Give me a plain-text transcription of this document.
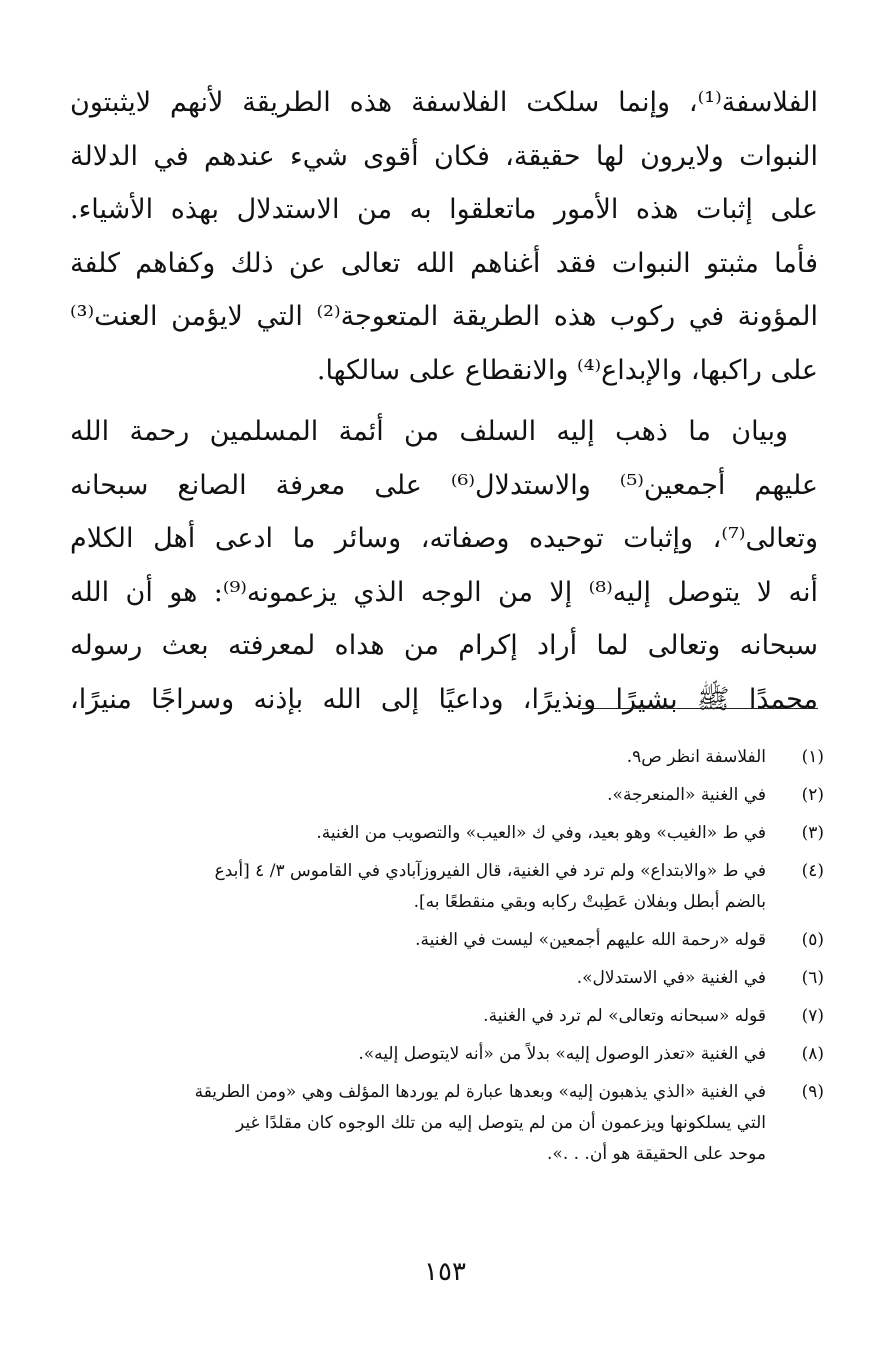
الفلاسفة⁽¹⁾، وإنما سلكت الفلاسفة هذه الطريقة لأنهم لايثبتون
النبوات ولايرون لها حقيقة، فكان أقوى شيء عندهم في الدلالة
على إثبات هذه الأمور ماتعلقوا به من الاستدلال بهذه الأشياء.
فأما مثبتو النبوات فقد أغناهم الله تعالى عن ذلك وكفاهم كلفة
المؤونة في ركوب هذه الطريقة المتعوجة⁽²⁾ التي لايؤمن العنت⁽³⁾
على راكبها، والإبداع⁽⁴⁾ والانقطاع على سالكها.
وبيان ما ذهب إليه السلف من أئمة المسلمين رحمة الله
عليهم أجمعين⁽⁵⁾ والاستدلال⁽⁶⁾ على معرفة الصانع سبحانه
وتعالى⁽⁷⁾، وإثبات توحيده وصفاته، وسائر ما ادعى أهل الكلام
أنه لا يتوصل إليه⁽⁸⁾ إلا من الوجه الذي يزعمونه⁽⁹⁾: هو أن الله
سبحانه وتعالى لما أراد إكرام من هداه لمعرفته بعث رسوله
محمدًا ﷺ بشيرًا ونذيرًا، وداعيًا إلى الله بإذنه وسراجًا منيرًا،
(١)
الفلاسفة انظر ص٩.
(٢)
في الغنية «المنعرجة».
(٣)
في ط «الغيب» وهو بعيد، وفي ك «العيب» والتصويب من الغنية.
(٤)
في ط «والابتداع» ولم ترد في الغنية، قال الفيروزآبادي في القاموس ٣/ ٤ [أبدع
بالضم أبطل وبفلان عَطِبتْ ركابه وبقي منقطعًا به].
(٥)
قوله «رحمة الله عليهم أجمعين» ليست في الغنية.
(٦)
في الغنية «في الاستدلال».
(٧)
قوله «سبحانه وتعالى» لم ترد في الغنية.
(٨)
في الغنية «تعذر الوصول إليه» بدلاً من «أنه لايتوصل إليه».
(٩)
في الغنية «الذي يذهبون إليه» وبعدها عبارة لم يوردها المؤلف وهي «ومن الطريقة
التي يسلكونها ويزعمون أن من لم يتوصل إليه من تلك الوجوه كان مقلدًا غير
موحد على الحقيقة هو أن. . .».
١٥٣
